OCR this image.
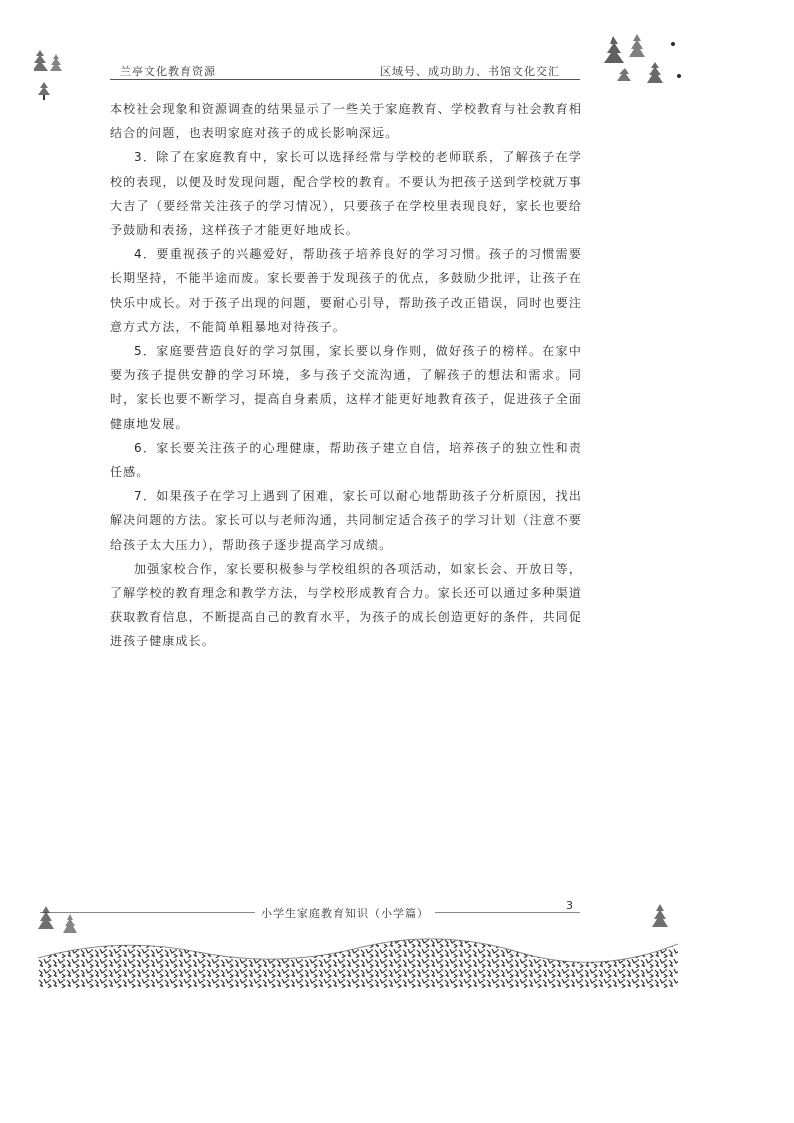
兰亭文化教育资源	区域号、成功助力、书馆文化交汇

本校社会现象和资源调查的结果显示了一些关于家庭教育、学校教育与社会教育相结合的问题，也表明家庭对孩子的成长影响深远。

3．除了在家庭教育中，家长可以选择经常与学校的老师联系，了解孩子在学校的表现，以便及时发现问题，配合学校的教育。不要认为把孩子送到学校就万事大吉了（要经常关注孩子的学习情况），只要孩子在学校里表现良好，家长也要给予鼓励和表扬，这样孩子才能更好地成长。

4．要重视孩子的兴趣爱好，帮助孩子培养良好的学习习惯。孩子的习惯需要长期坚持，不能半途而废。家长要善于发现孩子的优点，多鼓励少批评，让孩子在快乐中成长。对于孩子出现的问题，要耐心引导，帮助孩子改正错误，同时也要注意方式方法，不能简单粗暴地对待孩子。

5．家庭要营造良好的学习氛围，家长要以身作则，做好孩子的榜样。在家中要为孩子提供安静的学习环境，多与孩子交流沟通，了解孩子的想法和需求。同时，家长也要不断学习，提高自身素质，这样才能更好地教育孩子，促进孩子全面健康地发展。

6．家长要关注孩子的心理健康，帮助孩子建立自信，培养孩子的独立性和责任感。

7．如果孩子在学习上遇到了困难，家长可以耐心地帮助孩子分析原因，找出解决问题的方法。家长可以与老师沟通，共同制定适合孩子的学习计划（注意不要给孩子太大压力），帮助孩子逐步提高学习成绩。

加强家校合作，家长要积极参与学校组织的各项活动，如家长会、开放日等，了解学校的教育理念和教学方法，与学校形成教育合力。家长还可以通过多种渠道获取教育信息，不断提高自己的教育水平，为孩子的成长创造更好的条件，共同促进孩子健康成长。

小学生家庭教育知识（小学篇）
3
